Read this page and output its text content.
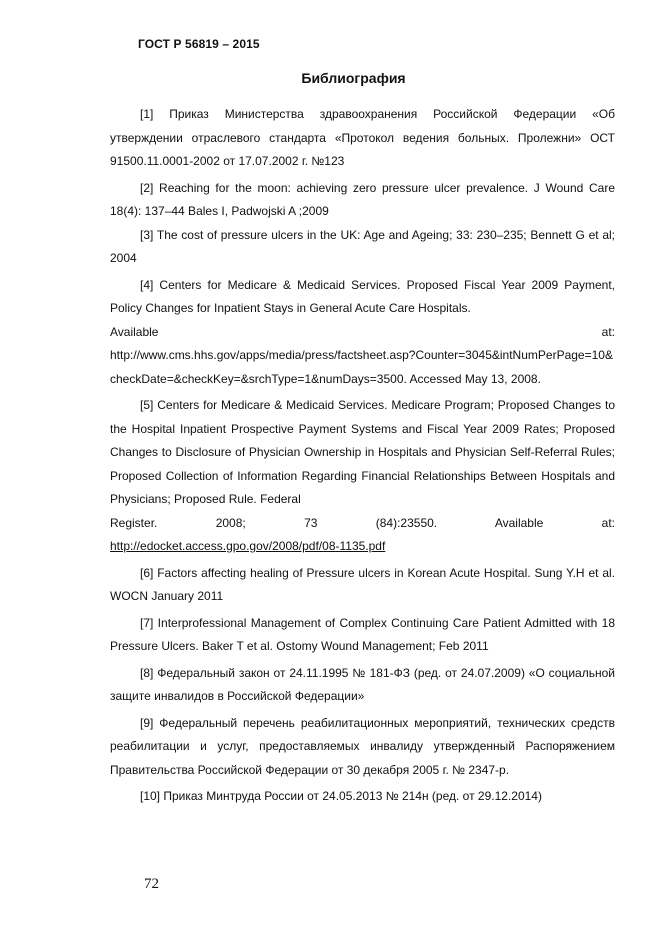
ГОСТ Р 56819 – 2015
Библиография

[1] Приказ Министерства здравоохранения Российской Федерации «Об утверждении отраслевого стандарта «Протокол ведения больных. Пролежни» ОСТ 91500.11.0001-2002 от 17.07.2002 г. №123

[2] Reaching for the moon: achieving zero pressure ulcer prevalence. J Wound Care 18(4): 137–44 Bales I, Padwojski A ;2009

[3] The cost of pressure ulcers in the UK: Age and Ageing; 33: 230–235; Bennett G et al; 2004

[4] Centers for Medicare & Medicaid Services. Proposed Fiscal Year 2009 Payment, Policy Changes for Inpatient Stays in General Acute Care Hospitals.
Available at:
http://www.cms.hhs.gov/apps/media/press/factsheet.asp?Counter=3045&intNumPerPage=10&checkDate=&checkKey=&srchType=1&numDays=3500. Accessed May 13, 2008.
[5] Centers for Medicare & Medicaid Services. Medicare Program; Proposed Changes to the Hospital Inpatient Prospective Payment Systems and Fiscal Year 2009 Rates; Proposed Changes to Disclosure of Physician Ownership in Hospitals and Physician Self-Referral Rules; Proposed Collection of Information Regarding Financial Relationships Between Hospitals and Physicians; Proposed Rule. Federal
Register. 2008; 73 (84):23550. Available at:
http://edocket.access.gpo.gov/2008/pdf/08-1135.pdf

[6] Factors affecting healing of Pressure ulcers in Korean Acute Hospital. Sung Y.H et al. WOCN January 2011

[7] Interprofessional Management of Complex Continuing Care Patient Admitted with 18 Pressure Ulcers. Baker T et al. Ostomy Wound Management; Feb 2011

[8] Федеральный закон от 24.11.1995 № 181-ФЗ (ред. от 24.07.2009) «О социальной защите инвалидов в Российской Федерации»

[9] Федеральный перечень реабилитационных мероприятий, технических средств реабилитации и услуг, предоставляемых инвалиду утвержденный Распоряжением Правительства Российской Федерации от 30 декабря 2005 г. № 2347-р.

[10] Приказ Минтруда России от 24.05.2013 № 214н (ред. от 29.12.2014)

72
